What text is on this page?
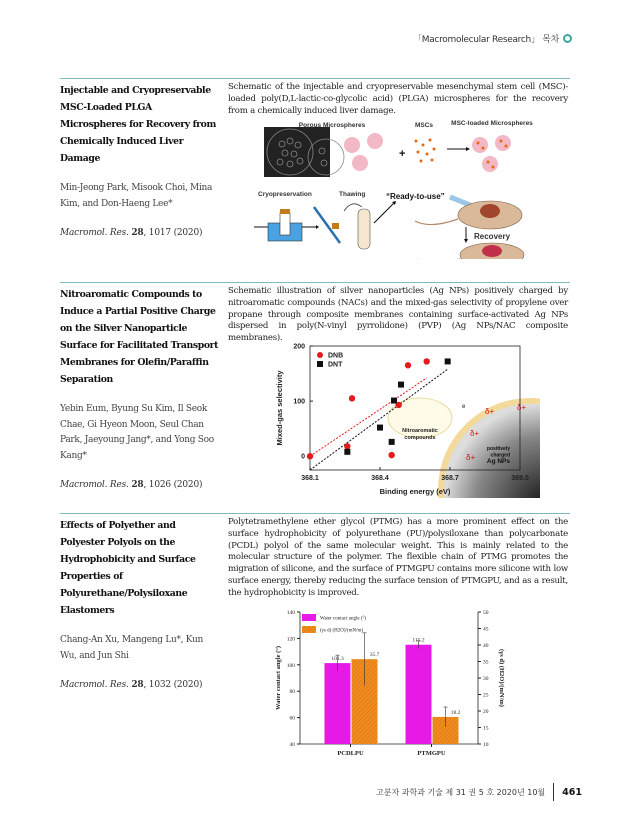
「Macromolecular Research」 목차
Injectable and Cryopreservable MSC-Loaded PLGA Microspheres for Recovery from Chemically Induced Liver Damage
Min-Jeong Park, Misook Choi, Mina Kim, and Don-Haeng Lee*
Macromol. Res. 28, 1017 (2020)
Schematic of the injectable and cryopreservable mesenchymal stem cell (MSC)-loaded poly(D,L-lactic-co-glycolic acid) (PLGA) microspheres for the recovery from a chemically induced liver damage.
Porous Microspheres
+
MSCs	MSC-loaded Microspheres
Cryopreservation	Thawing	“Ready-to-use”
Recovery
Nitroaromatic Compounds to Induce a Partial Positive Charge on the Silver Nanoparticle Surface for Facilitated Transport Membranes for Olefin/Paraffin Separation
Yebin Eum, Byung Su Kim, Il Seok Chae, Gi Hyeon Moon, Seul Chan Park, Jaeyoung Jang*, and Yong Soo Kang*
Macromol. Res. 28, 1026 (2020)
Schematic illustration of silver nanoparticles (Ag NPs) positively charged by nitroaromatic compounds (NACs) and the mixed-gas selectivity of propylene over propane through composite membranes containing surface-activated Ag NPs dispersed in poly(N-vinyl pyrrolidone) (PVP) (Ag NPs/NAC composite membranes).
Nitroaromatic
compounds
e δ+	δ+
δ+
δ+
positively
charged
Ag NPs
368.1	368.4	368.7	369.0
0
100
200
Binding energy (eV)
Mixed-gas selectivity
DNB
DNT
Effects of Polyether and Polyester Polyols on the Hydrophobicity and Surface Properties of Polyurethane/Polysiloxane Elastomers
Chang-An Xu, Mangeng Lu*, Kun Wu, and Jun Shi
Macromol. Res. 28, 1032 (2020)
Polytetramethylene ether glycol (PTMG) has a more prominent effect on the surface hydrophobicity of polyurethane (PU)/polysiloxane than polycarbonate (PCDL) polyol of the same molecular weight. This is mainly related to the molecular structure of the polymer. The flexible chain of PTMG promotes the migration of silicone, and the surface of PTMGPU contains more silicone with low surface energy, thereby reducing the surface tension of PTMGPU, and as a result, the hydrophobicity is improved.
40
60
80
100
120
140
10
15
20
25
30
35
40
45
50
Water contact angle (°)	(γs d) (H2O)/(mN/m)
PCDLPU
101.3
35.7
PTMGPU
115.2
18.2
Water contact angle (°)
(γs d) (H2O)/(mN/m)
고분자 과학과 기술 제 31 권 5 호 2020년 10월 461
